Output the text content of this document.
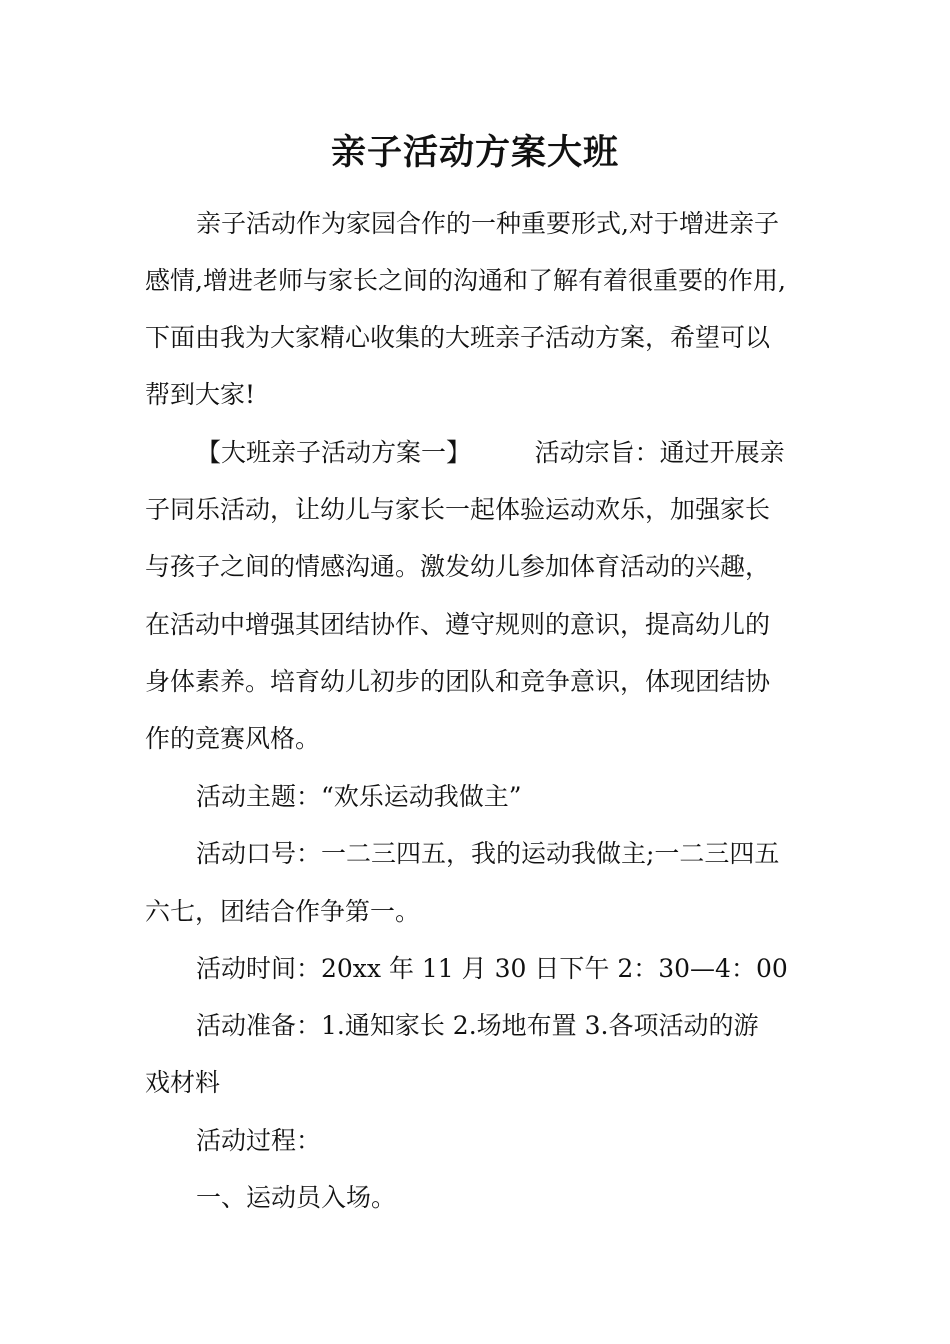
亲子活动方案大班

亲子活动作为家园合作的一种重要形式,对于增进亲子

感情,增进老师与家长之间的沟通和了解有着很重要的作用,

下面由我为大家精心收集的大班亲子活动方案，希望可以

帮到大家!

【大班亲子活动方案一】        活动宗旨：通过开展亲

子同乐活动，让幼儿与家长一起体验运动欢乐，加强家长

与孩子之间的情感沟通。激发幼儿参加体育活动的兴趣，

在活动中增强其团结协作、遵守规则的意识，提高幼儿的

身体素养。培育幼儿初步的团队和竞争意识，体现团结协

作的竞赛风格。

活动主题：“欢乐运动我做主”

活动口号：一二三四五，我的运动我做主;一二三四五

六七，团结合作争第一。

活动时间：20xx 年 11 月 30 日下午 2：30—4：00

活动准备：1.通知家长 2.场地布置 3.各项活动的游

戏材料

活动过程：

一、运动员入场。
